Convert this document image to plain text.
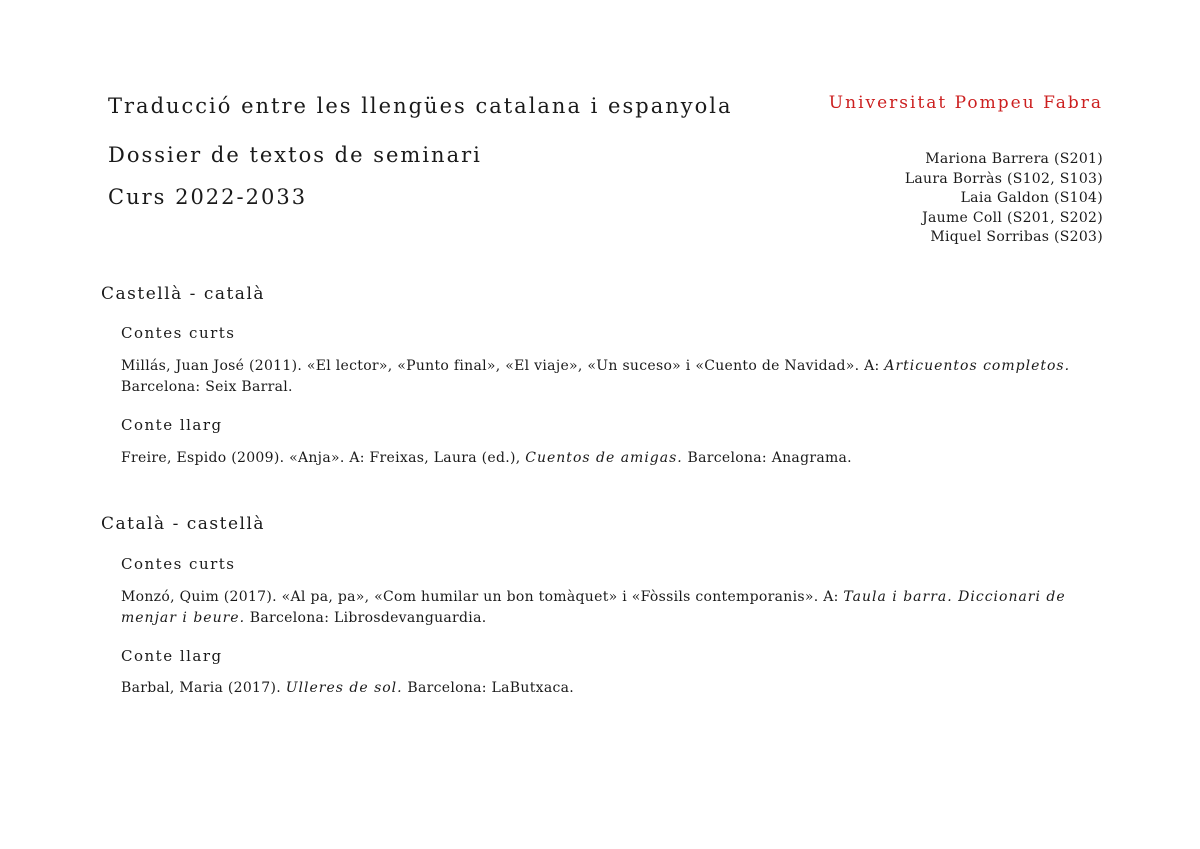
Traducció entre les llengües catalana i espanyola
Dossier de textos de seminari
Curs 2022-2033
Universitat Pompeu Fabra
Mariona Barrera (S201)
Laura Borràs (S102, S103)
Laia Galdon (S104)
Jaume Coll (S201, S202)
Miquel Sorribas (S203)
Castellà - català
Contes curts

Millás, Juan José (2011). «El lector», «Punto final», «El viaje», «Un suceso» i «Cuento de Navidad». A: Articuentos completos. Barcelona: Seix Barral.

Conte llarg

Freire, Espido (2009). «Anja». A: Freixas, Laura (ed.), Cuentos de amigas. Barcelona: Anagrama.

Català - castellà
Contes curts

Monzó, Quim (2017). «Al pa, pa», «Com humilar un bon tomàquet» i «Fòssils contemporanis». A: Taula i barra. Diccionari de menjar i beure. Barcelona: Librosdevanguardia.

Conte llarg

Barbal, Maria (2017). Ulleres de sol. Barcelona: LaButxaca.
